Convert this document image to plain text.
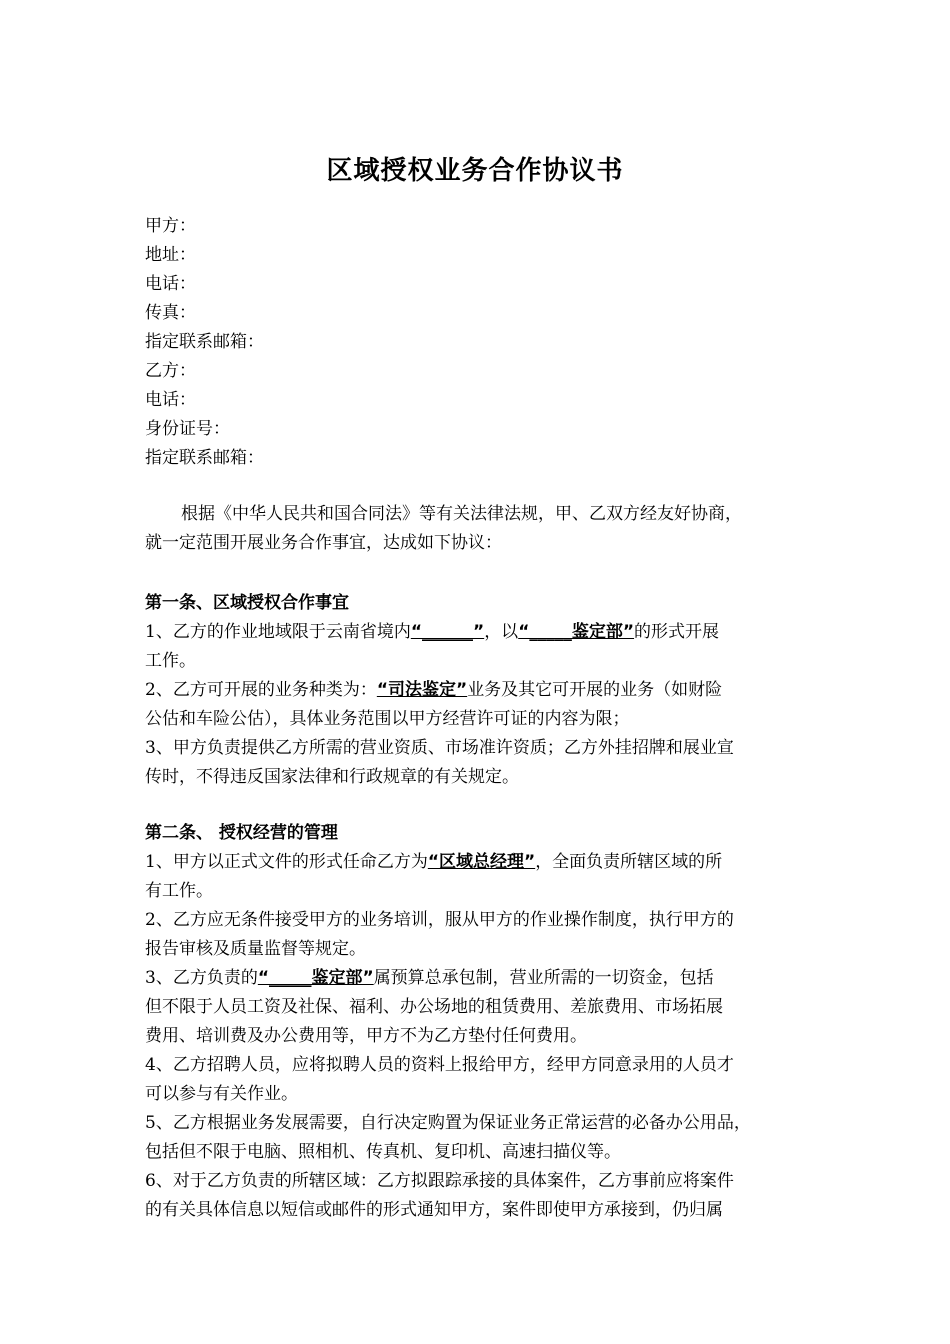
区域授权业务合作协议书
甲方：
地址：
电话：
传真：
指定联系邮箱：
乙方：
电话：
身份证号：
指定联系邮箱：
根据《中华人民共和国合同法》等有关法律法规，甲、乙双方经友好协商，
就一定范围开展业务合作事宜，达成如下协议：
第一条、区域授权合作事宜
1、乙方的作业地域限于云南省境内“______”，以“_____鉴定部”的形式开展
工作。
2、乙方可开展的业务种类为：“司法鉴定”业务及其它可开展的业务（如财险
公估和车险公估），具体业务范围以甲方经营许可证的内容为限；
3、甲方负责提供乙方所需的营业资质、市场准许资质；乙方外挂招牌和展业宣
传时，不得违反国家法律和行政规章的有关规定。
第二条、 授权经营的管理
1、甲方以正式文件的形式任命乙方为“区域总经理”，全面负责所辖区域的所
有工作。
2、乙方应无条件接受甲方的业务培训，服从甲方的作业操作制度，执行甲方的
报告审核及质量监督等规定。
3、乙方负责的“_____鉴定部”属预算总承包制，营业所需的一切资金，包括
但不限于人员工资及社保、福利、办公场地的租赁费用、差旅费用、市场拓展
费用、培训费及办公费用等，甲方不为乙方垫付任何费用。
4、乙方招聘人员，应将拟聘人员的资料上报给甲方，经甲方同意录用的人员才
可以参与有关作业。
5、乙方根据业务发展需要，自行决定购置为保证业务正常运营的必备办公用品，
包括但不限于电脑、照相机、传真机、复印机、高速扫描仪等。
6、对于乙方负责的所辖区域：乙方拟跟踪承接的具体案件，乙方事前应将案件
的有关具体信息以短信或邮件的形式通知甲方，案件即使甲方承接到，仍归属
